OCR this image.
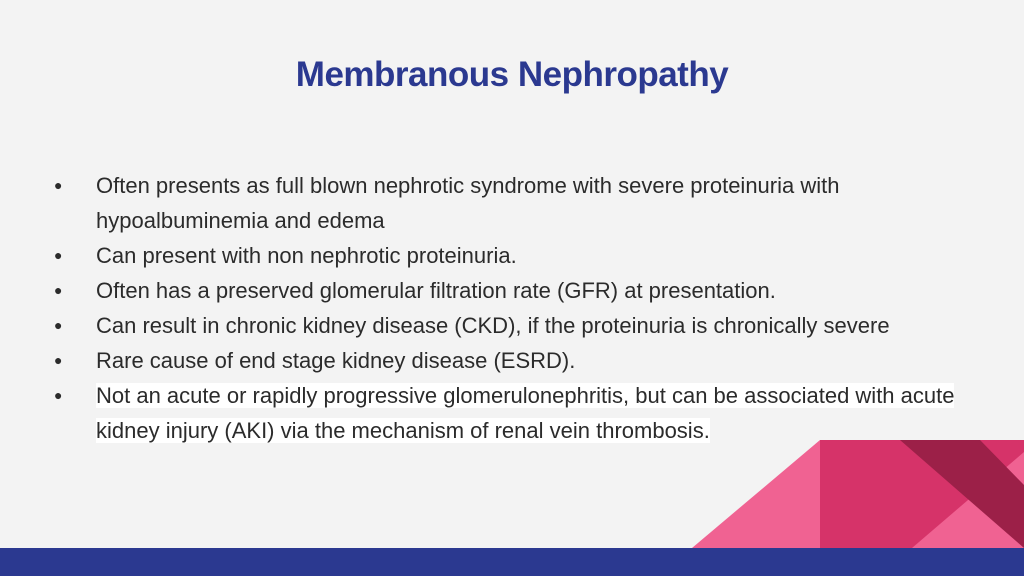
Membranous Nephropathy
●	Often presents as full blown nephrotic syndrome with severe proteinuria with hypoalbuminemia and edema
●	Can present with non nephrotic proteinuria.
●	Often has a preserved glomerular filtration rate (GFR) at presentation.
●	Can result in chronic kidney disease (CKD), if the proteinuria is chronically severe
●	Rare cause of end stage kidney disease (ESRD).
●	Not an acute or rapidly progressive glomerulonephritis, but can be associated with acute kidney injury (AKI) via the mechanism of renal vein thrombosis.
